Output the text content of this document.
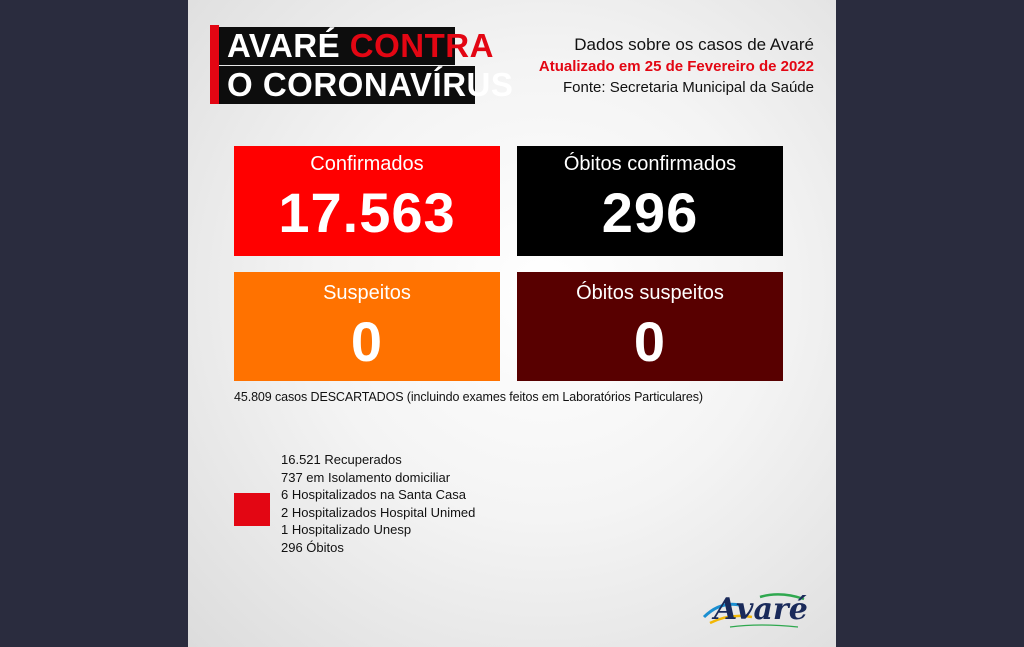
AVARÉ CONTRA
O CORONAVÍRUS
Dados sobre os casos de Avaré
Atualizado em 25 de Fevereiro de 2022
Fonte: Secretaria Municipal da Saúde
Confirmados
17.563
Óbitos confirmados
296
Suspeitos
0
Óbitos suspeitos
0
45.809 casos DESCARTADOS (incluindo exames feitos em Laboratórios Particulares)
16.521 Recuperados
737 em Isolamento domiciliar
6 Hospitalizados na Santa Casa
2 Hospitalizados Hospital Unimed
1 Hospitalizado Unesp
296 Óbitos
Avaré
